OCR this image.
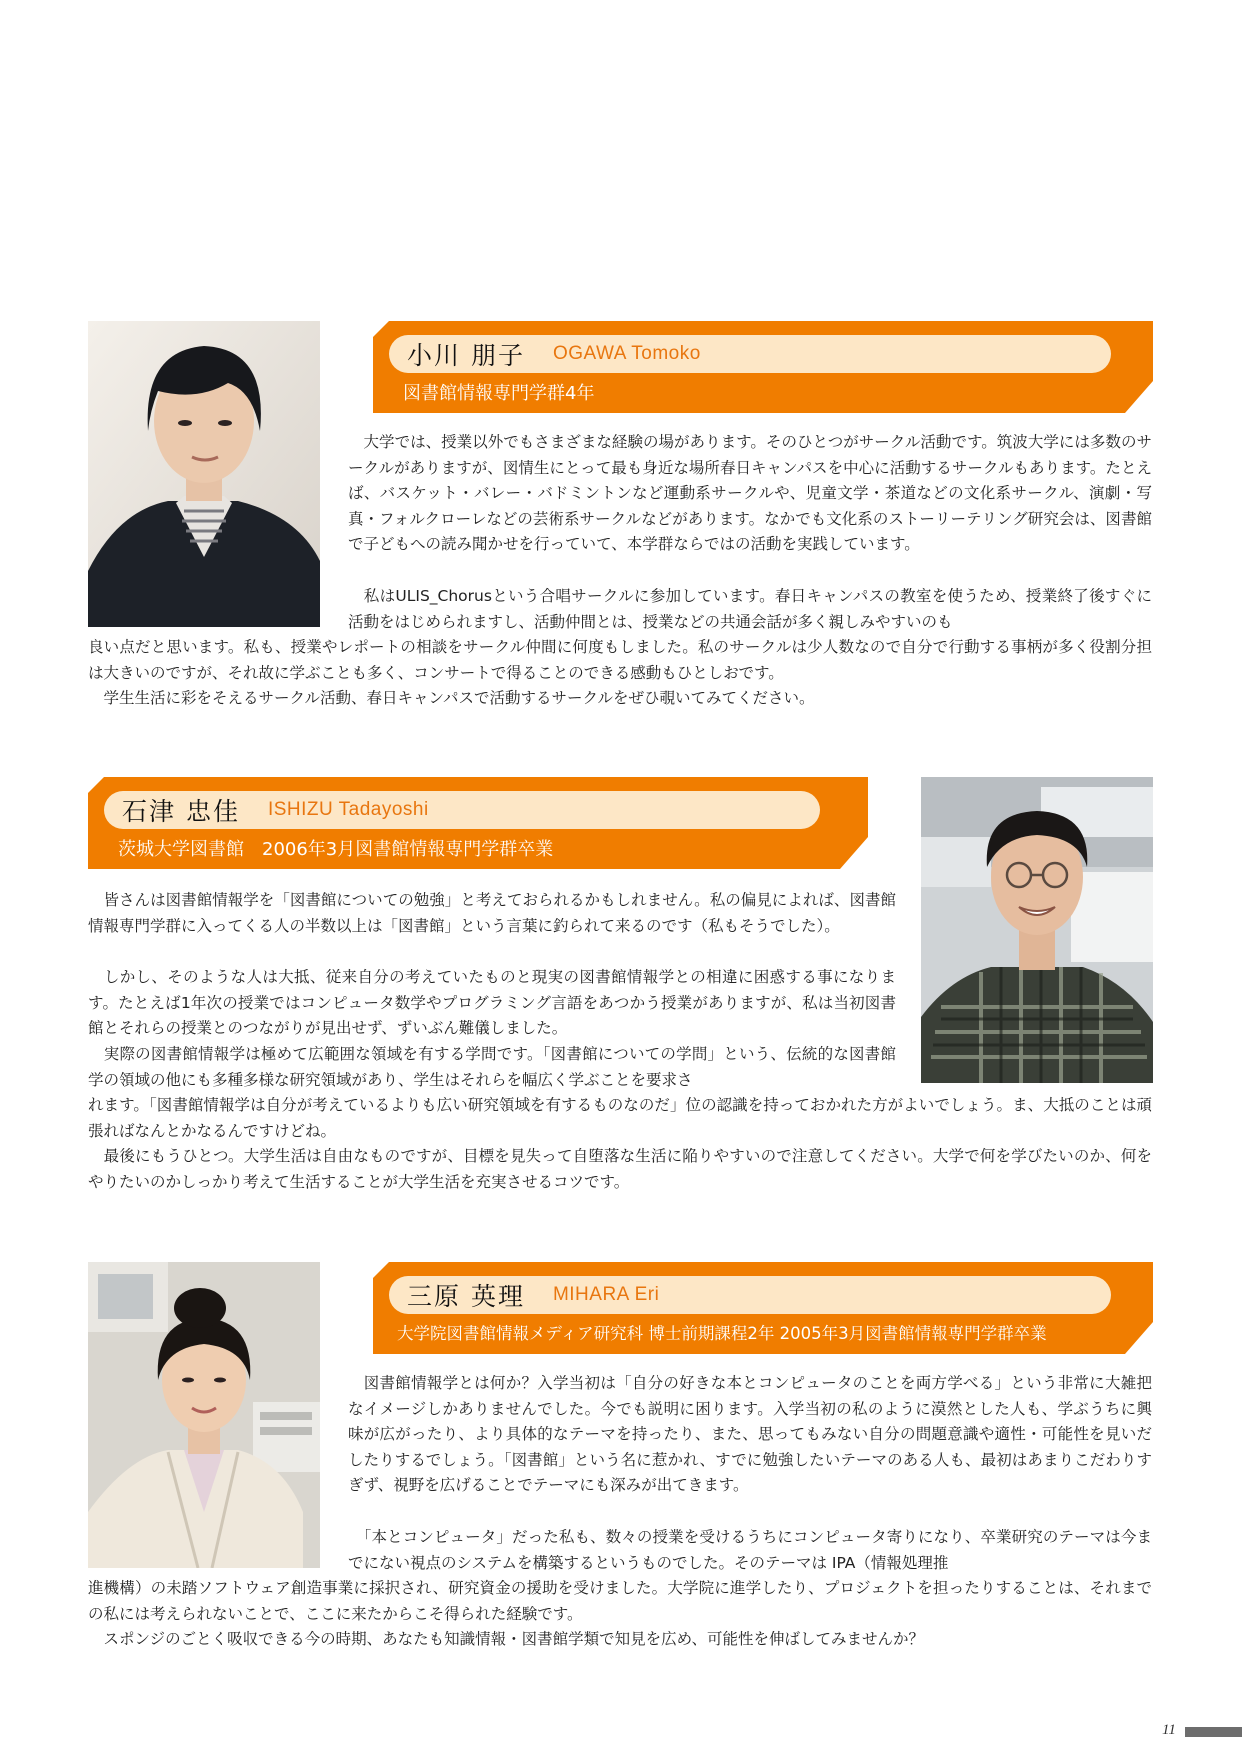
小川 朋子 OGAWA Tomoko
図書館情報専門学群4年

　大学では、授業以外でもさまざまな経験の場があります。そのひとつがサークル活動です。筑波大学には多数のサークルがありますが、図情生にとって最も身近な場所春日キャンパスを中心に活動するサークルもあります。たとえば、バスケット・バレー・バドミントンなど運動系サークルや、児童文学・茶道などの文化系サークル、演劇・写真・フォルクローレなどの芸術系サークルなどがあります。なかでも文化系のストーリーテリング研究会は、図書館で子どもへの読み聞かせを行っていて、本学群ならではの活動を実践しています。

　私はULIS_Chorusという合唱サークルに参加しています。春日キャンパスの教室を使うため、授業終了後すぐに活動をはじめられますし、活動仲間とは、授業などの共通会話が多く親しみやすいのも

良い点だと思います。私も、授業やレポートの相談をサークル仲間に何度もしました。私のサークルは少人数なので自分で行動する事柄が多く役割分担は大きいのですが、それ故に学ぶことも多く、コンサートで得ることのできる感動もひとしおです。

　学生生活に彩をそえるサークル活動、春日キャンパスで活動するサークルをぜひ覗いてみてください。

石津 忠佳 ISHIZU Tadayoshi
茨城大学図書館　2006年3月図書館情報専門学群卒業

　皆さんは図書館情報学を「図書館についての勉強」と考えておられるかもしれません。私の偏見によれば、図書館情報専門学群に入ってくる人の半数以上は「図書館」という言葉に釣られて来るのです（私もそうでした）。

　しかし、そのような人は大抵、従来自分の考えていたものと現実の図書館情報学との相違に困惑する事になります。たとえば1年次の授業ではコンピュータ数学やプログラミング言語をあつかう授業がありますが、私は当初図書館とそれらの授業とのつながりが見出せず、ずいぶん難儀しました。

　実際の図書館情報学は極めて広範囲な領域を有する学問です。「図書館についての学問」という、伝統的な図書館学の領域の他にも多種多様な研究領域があり、学生はそれらを幅広く学ぶことを要求さ

れます。「図書館情報学は自分が考えているよりも広い研究領域を有するものなのだ」位の認識を持っておかれた方がよいでしょう。ま、大抵のことは頑張ればなんとかなるんですけどね。

　最後にもうひとつ。大学生活は自由なものですが、目標を見失って自堕落な生活に陥りやすいので注意してください。大学で何を学びたいのか、何をやりたいのかしっかり考えて生活することが大学生活を充実させるコツです。

三原 英理 MIHARA Eri
大学院図書館情報メディア研究科 博士前期課程2年 2005年3月図書館情報専門学群卒業

　図書館情報学とは何か？入学当初は「自分の好きな本とコンピュータのことを両方学べる」という非常に大雑把なイメージしかありませんでした。今でも説明に困ります。入学当初の私のように漠然とした人も、学ぶうちに興味が広がったり、より具体的なテーマを持ったり、また、思ってもみない自分の問題意識や適性・可能性を見いだしたりするでしょう。「図書館」という名に惹かれ、すでに勉強したいテーマのある人も、最初はあまりこだわりすぎず、視野を広げることでテーマにも深みが出てきます。

　「本とコンピュータ」だった私も、数々の授業を受けるうちにコンピュータ寄りになり、卒業研究のテーマは今までにない視点のシステムを構築するというものでした。そのテーマは IPA（情報処理推

進機構）の未踏ソフトウェア創造事業に採択され、研究資金の援助を受けました。大学院に進学したり、プロジェクトを担ったりすることは、それまでの私には考えられないことで、ここに来たからこそ得られた経験です。

　スポンジのごとく吸収できる今の時期、あなたも知識情報・図書館学類で知見を広め、可能性を伸ばしてみませんか？

11
